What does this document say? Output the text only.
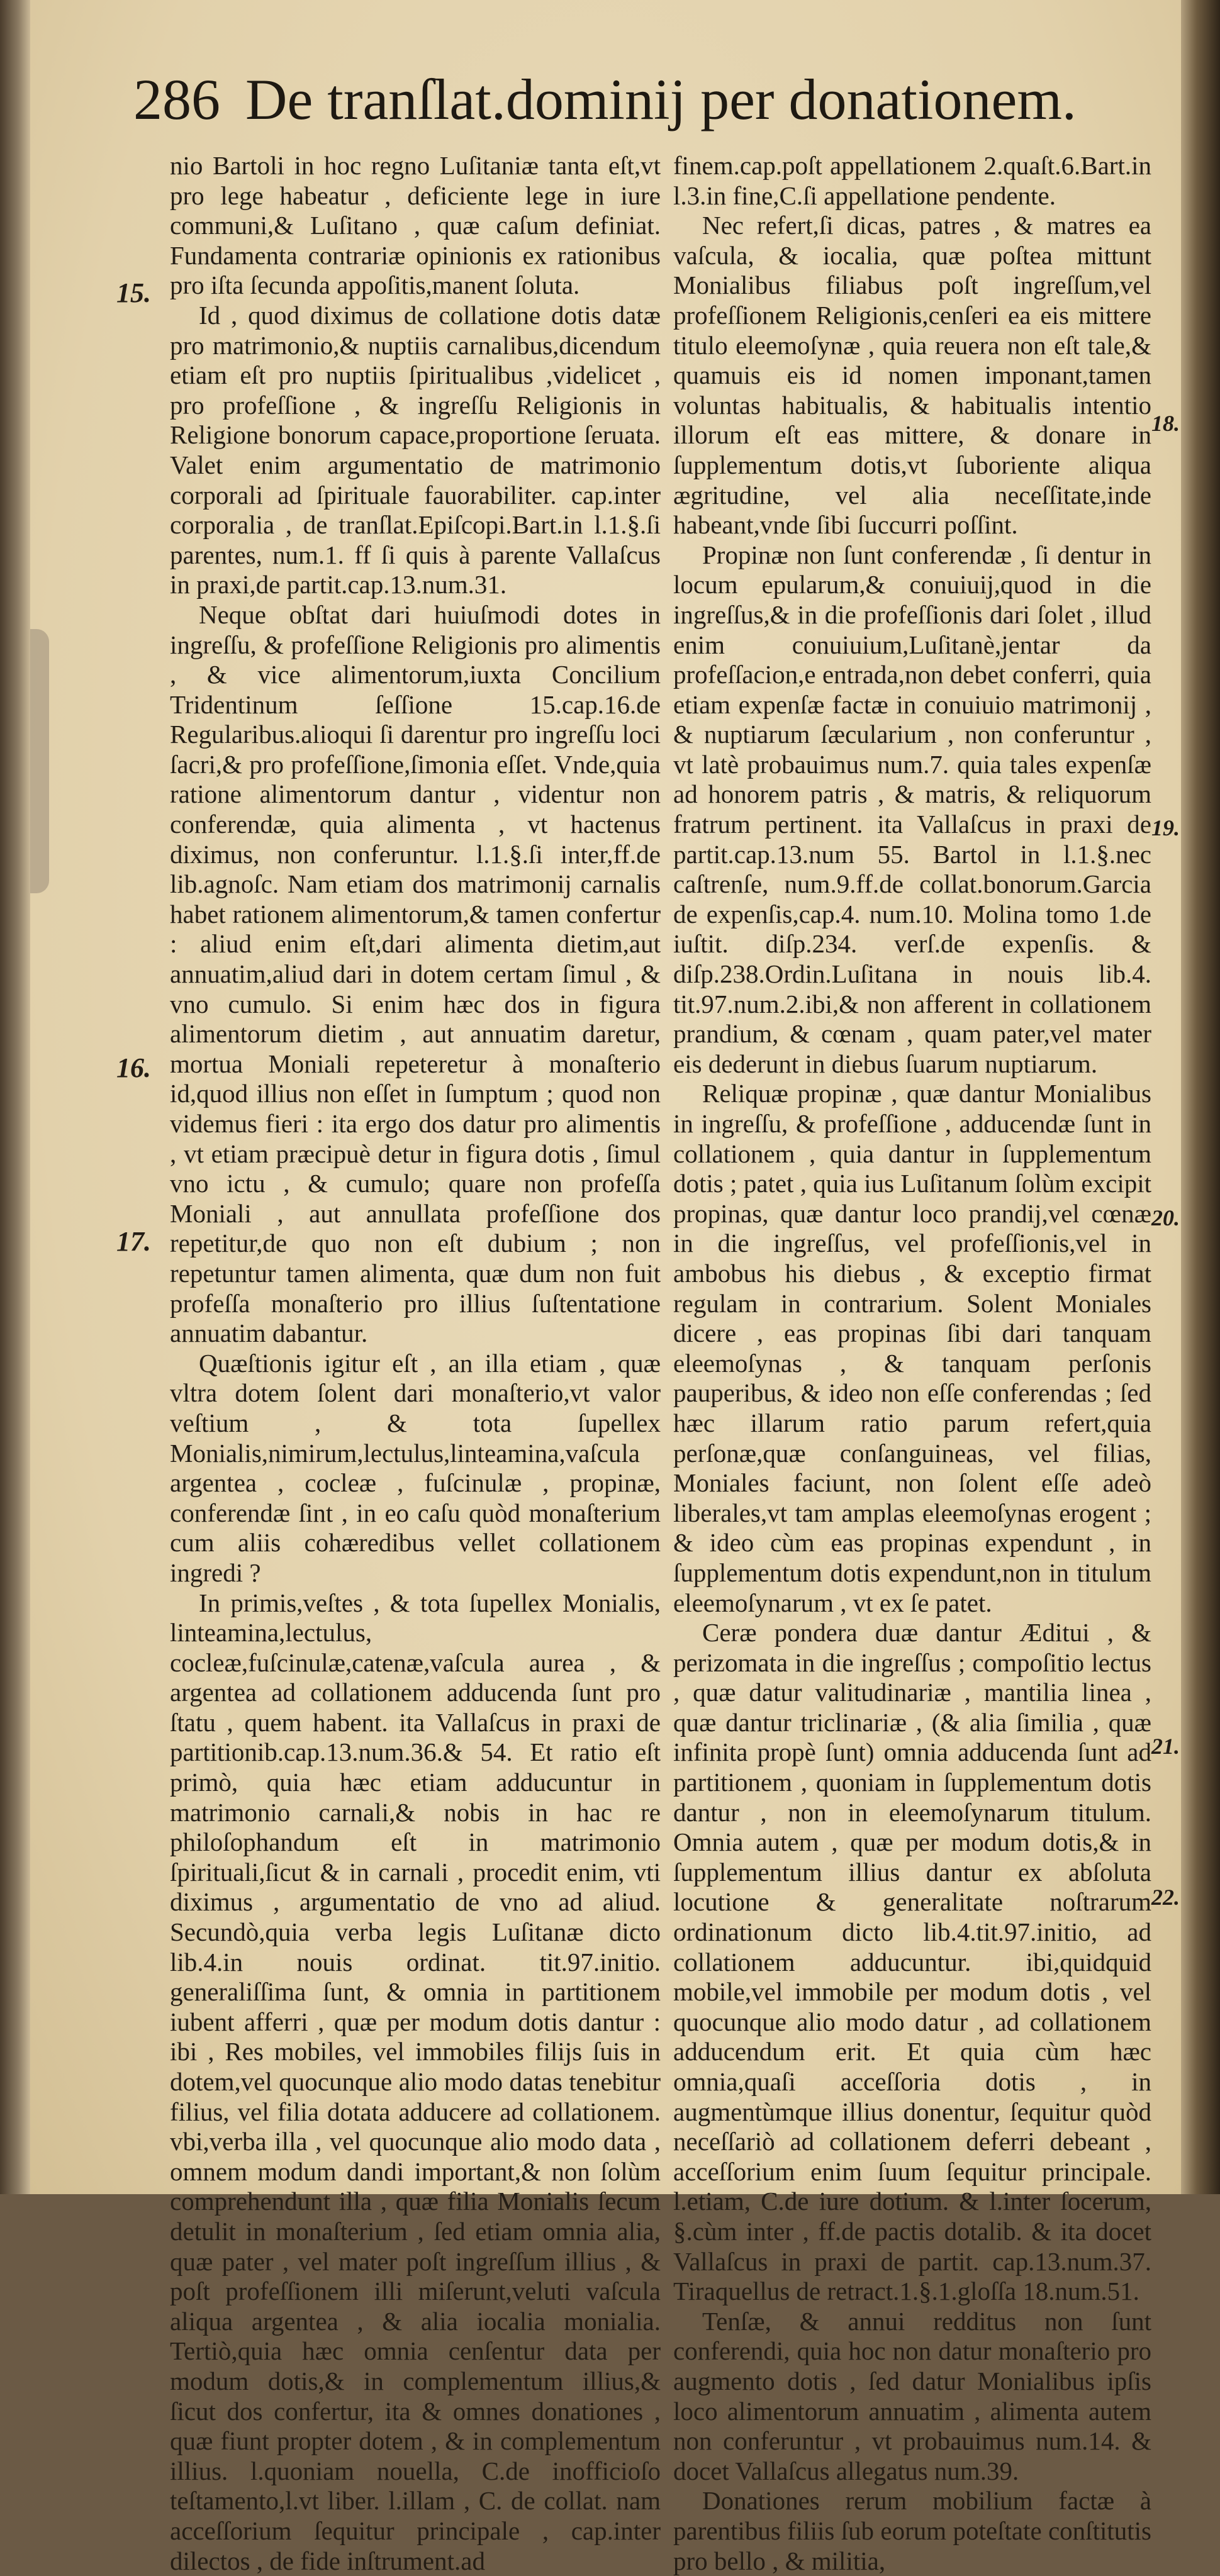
286 De tranſlat.dominij per donationem.

nio Bartoli in hoc regno Luſitaniæ tanta eſt,vt pro lege habeatur , deficiente lege in iure communi,& Luſitano , quæ caſum definiat. Fundamenta contrariæ opinionis ex rationibus pro iſta ſecunda appoſitis,manent ſoluta.

Id , quod diximus de collatione dotis datæ pro matrimonio,& nuptiis carnalibus,dicendum etiam eſt pro nuptiis ſpiritualibus ,videlicet , pro profeſſione , & ingreſſu Religionis in Religione bonorum capace,proportione ſeruata. Valet enim argumentatio de matrimonio corporali ad ſpirituale fauorabiliter. cap.inter corporalia , de tranſlat.Epiſcopi.Bart.in l.1.§.ſi parentes, num.1. ff ſi quis à parente Vallaſcus in praxi,de partit.cap.13.num.31.

Neque obſtat dari huiuſmodi dotes in ingreſſu, & profeſſione Religionis pro alimentis , & vice alimentorum,iuxta Concilium Tridentinum ſeſſione 15.cap.16.de Regularibus.alioqui ſi darentur pro ingreſſu loci ſacri,& pro profeſſione,ſimonia eſſet. Vnde,quia ratione alimentorum dantur , videntur non conferendæ, quia alimenta , vt hactenus diximus, non conferuntur. l.1.§.ſi inter,ff.de lib.agnoſc. Nam etiam dos matrimonij carnalis habet rationem alimentorum,& tamen confertur : aliud enim eſt,dari alimenta dietim,aut annuatim,aliud dari in dotem certam ſimul , & vno cumulo. Si enim hæc dos in figura alimentorum dietim , aut annuatim daretur, mortua Moniali repeteretur à monaſterio id,quod illius non eſſet in ſumptum ; quod non videmus fieri : ita ergo dos datur pro alimentis , vt etiam præcipuè detur in figura dotis , ſimul vno ictu , & cumulo; quare non profeſſa Moniali , aut annullata profeſſione dos repetitur,de quo non eſt dubium ; non repetuntur tamen alimenta, quæ dum non fuit profeſſa monaſterio pro illius ſuſtentatione annuatim dabantur.

Quæſtionis igitur eſt , an illa etiam , quæ vltra dotem ſolent dari monaſterio,vt valor veſtium , & tota ſupellex Monialis,nimirum,lectulus,linteamina,vaſcula argentea , cocleæ , fuſcinulæ , propinæ, conferendæ ſint , in eo caſu quòd monaſterium cum aliis cohæredibus vellet collationem ingredi ?

In primis,veſtes , & tota ſupellex Monialis, linteamina,lectulus, cocleæ,fuſcinulæ,catenæ,vaſcula aurea , & argentea ad collationem adducenda ſunt pro ſtatu , quem habent. ita Vallaſcus in praxi de partitionib.cap.13.num.36.& 54. Et ratio eſt primò, quia hæc etiam adducuntur in matrimonio carnali,& nobis in hac re philoſophandum eſt in matrimonio ſpirituali,ſicut & in carnali , procedit enim, vti diximus , argumentatio de vno ad aliud. Secundò,quia verba legis Luſitanæ dicto lib.4.in nouis ordinat. tit.97.initio. generaliſſima ſunt, & omnia in partitionem iubent afferri , quæ per modum dotis dantur : ibi , Res mobiles, vel immobiles filijs ſuis in dotem,vel quocunque alio modo datas tenebitur filius, vel filia dotata adducere ad collationem. vbi,verba illa , vel quocunque alio modo data , omnem modum dandi important,& non ſolùm comprehendunt illa , quæ filia Monialis ſecum detulit in monaſterium , ſed etiam omnia alia, quæ pater , vel mater poſt ingreſſum illius , & poſt profeſſionem illi miſerunt,veluti vaſcula aliqua argentea , & alia iocalia monialia. Tertiò,quia hæc omnia cenſentur data per modum dotis,& in complementum illius,& ſicut dos confertur, ita & omnes donationes , quæ fiunt propter dotem , & in complementum illius. l.quoniam nouella, C.de inofficioſo teſtamento,l.vt liber. l.illam , C. de collat. nam acceſſorium ſequitur principale , cap.inter dilectos , de fide inſtrument.ad

finem.cap.poſt appellationem 2.quaſt.6.Bart.in l.3.in fine,C.ſi appellatione pendente.

Nec refert,ſi dicas, patres , & matres ea vaſcula, & iocalia, quæ poſtea mittunt Monialibus filiabus poſt ingreſſum,vel profeſſionem Religionis,cenſeri ea eis mittere titulo eleemoſynæ , quia reuera non eſt tale,& quamuis eis id nomen imponant,tamen voluntas habitualis, & habitualis intentio illorum eſt eas mittere, & donare in ſupplementum dotis,vt ſuboriente aliqua ægritudine, vel alia neceſſitate,inde habeant,vnde ſibi ſuccurri poſſint.

Propinæ non ſunt conferendæ , ſi dentur in locum epularum,& conuiuij,quod in die ingreſſus,& in die profeſſionis dari ſolet , illud enim conuiuium,Luſitanè,jentar da profeſſacion,e entrada,non debet conferri, quia etiam expenſæ factæ in conuiuio matrimonij , & nuptiarum ſæcularium , non conferuntur , vt latè probauimus num.7. quia tales expenſæ ad honorem patris , & matris, & reliquorum fratrum pertinent. ita Vallaſcus in praxi de partit.cap.13.num 55. Bartol in l.1.§.nec caſtrenſe, num.9.ff.de collat.bonorum.Garcia de expenſis,cap.4. num.10. Molina tomo 1.de iuſtit. diſp.234. verſ.de expenſis. & diſp.238.Ordin.Luſitana in nouis lib.4. tit.97.num.2.ibi,& non afferent in collationem prandium, & cœnam , quam pater,vel mater eis dederunt in diebus ſuarum nuptiarum.

Reliquæ propinæ , quæ dantur Monialibus in ingreſſu, & profeſſione , adducendæ ſunt in collationem , quia dantur in ſupplementum dotis ; patet , quia ius Luſitanum ſolùm excipit propinas, quæ dantur loco prandij,vel cœnæ in die ingreſſus, vel profeſſionis,vel in ambobus his diebus , & exceptio firmat regulam in contrarium. Solent Moniales dicere , eas propinas ſibi dari tanquam eleemoſynas , & tanquam perſonis pauperibus, & ideo non eſſe conferendas ; ſed hæc illarum ratio parum refert,quia perſonæ,quæ conſanguineas, vel filias, Moniales faciunt, non ſolent eſſe adeò liberales,vt tam amplas eleemoſynas erogent ; & ideo cùm eas propinas expendunt , in ſupplementum dotis expendunt,non in titulum eleemoſynarum , vt ex ſe patet.

Ceræ pondera duæ dantur Æditui , & perizomata in die ingreſſus ; compoſitio lectus , quæ datur valitudinariæ , mantilia linea , quæ dantur triclinariæ , (& alia ſimilia , quæ infinita propè ſunt) omnia adducenda ſunt ad partitionem , quoniam in ſupplementum dotis dantur , non in eleemoſynarum titulum. Omnia autem , quæ per modum dotis,& in ſupplementum illius dantur ex abſoluta locutione & generalitate noſtrarum ordinationum dicto lib.4.tit.97.initio, ad collationem adducuntur. ibi,quidquid mobile,vel immobile per modum dotis , vel quocunque alio modo datur , ad collationem adducendum erit. Et quia cùm hæc omnia,quaſi acceſſoria dotis , in augmentùmque illius donentur, ſequitur quòd neceſſariò ad collationem deferri debeant , acceſſorium enim ſuum ſequitur principale. l.etiam, C.de iure dotium. & l.inter ſocerum, §.cùm inter , ff.de pactis dotalib. & ita docet Vallaſcus in praxi de partit. cap.13.num.37. Tiraquellus de retract.1.§.1.gloſſa 18.num.51.

Tenſæ, & annui redditus non ſunt conferendi, quia hoc non datur monaſterio pro augmento dotis , ſed datur Monialibus ipſis loco alimentorum annuatim , alimenta autem non conferuntur , vt probauimus num.14. & docet Vallaſcus allegatus num.39.

Donationes rerum mobilium factæ à parentibus filiis ſub eorum poteſtate conſtitutis pro bello , & militia,

15.
16.
17.
18.
19.
20.
21.
22.
